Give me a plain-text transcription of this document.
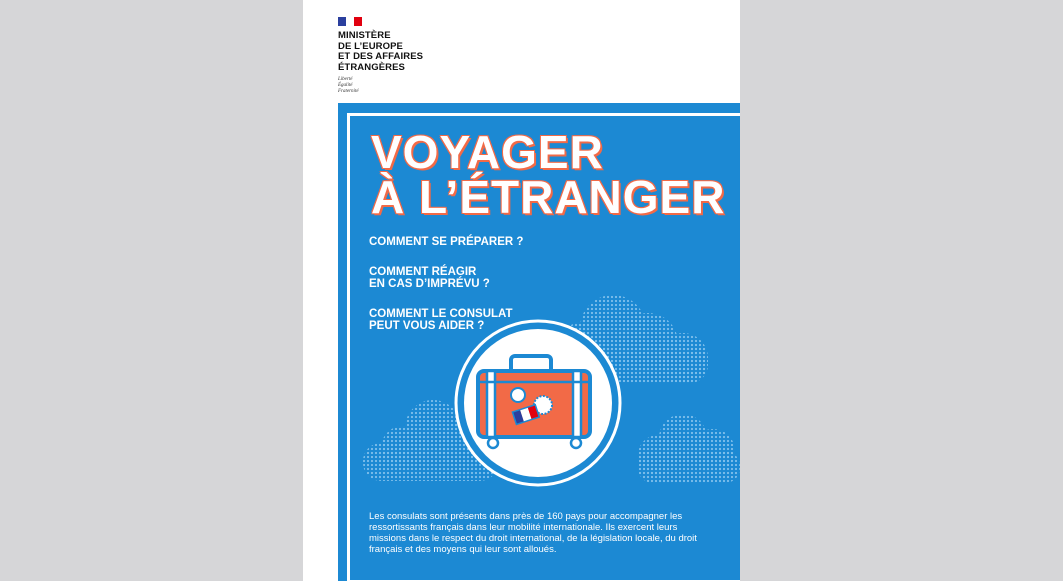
MINISTÈRE
DE L’EUROPE
ET DES AFFAIRES
ÉTRANGÈRES
Liberté
Égalité
Fraternité
VOYAGER
À L’ÉTRANGER
COMMENT SE PRÉPARER ?

COMMENT RÉAGIR
EN CAS D’IMPRÉVU ?

COMMENT LE CONSULAT
PEUT VOUS AIDER ?

Les consulats sont présents dans près de 160 pays pour accompagner les ressortissants français dans leur mobilité internationale. Ils exercent leurs missions dans le respect du droit international, de la législation locale, du droit français et des moyens qui leur sont alloués.
